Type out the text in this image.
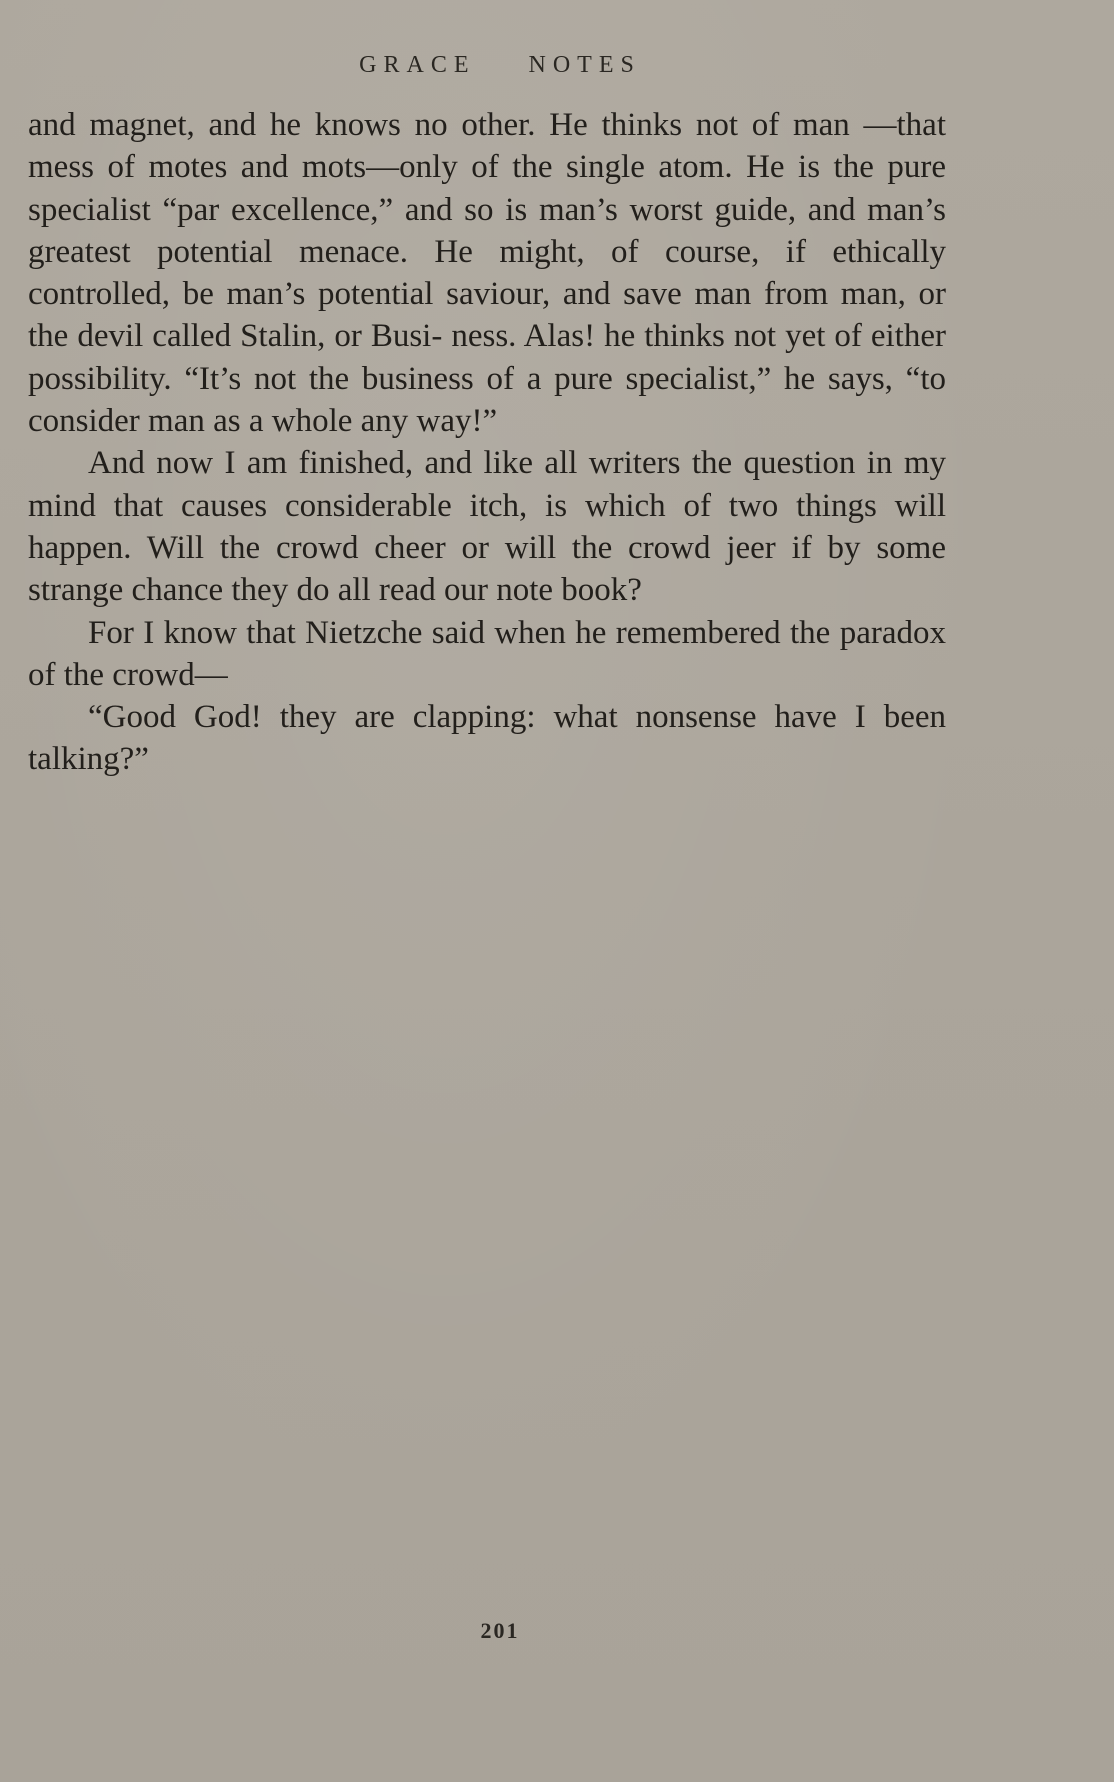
GRACE NOTES

and magnet, and he knows no other. He thinks not of man —that mess of motes and mots—only of the single atom. He is the pure specialist “par excellence,” and so is man’s worst guide, and man’s greatest potential menace. He might, of course, if ethically controlled, be man’s potential saviour, and save man from man, or the devil called Stalin, or Busi- ness. Alas! he thinks not yet of either possibility. “It’s not the business of a pure specialist,” he says, “to consider man as a whole any way!”

And now I am finished, and like all writers the question in my mind that causes considerable itch, is which of two things will happen. Will the crowd cheer or will the crowd jeer if by some strange chance they do all read our note book?

For I know that Nietzche said when he remembered the paradox of the crowd—

“Good God! they are clapping: what nonsense have I been talking?”

201
